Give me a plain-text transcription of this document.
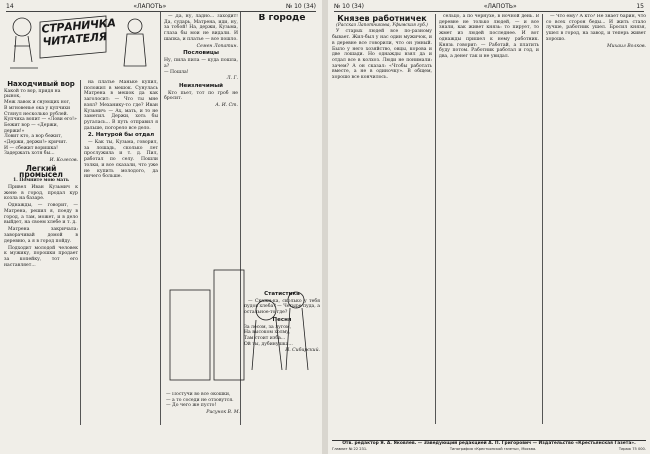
14	«ЛАПОТЬ»	№ 10 (34)
СТРАНИЧКА ЧИТАТЕЛЯ
Находчивый вор
Какой то вор, придя на рынок,
Меж лавок и снующих ног,
В мгновенье ока у купчихи
Стянул несколько рублей.
Купчиха вопит — «Лови его!»
Бежит вор — «Держи, держи!»
Ловит кто, а вор бежит,
«Держи, держи!» кричит.
И — сбежит воришка!
Задержать хотя бы...
И. Колесов.
Легкий промысел
1. Помните мою мать

Привел Иван Кузьмич к жене в город, продал кур козла на базаре.

Однажды, — говорит, — Матрена, решил я, поеду в город, а там, может, и в дело выйдет, на своем хлебе и т. д.

Матрена закричала: заворачивай домой в деревню, а я в город пойду.

Подходит молодой человек к мужику, порошки продает за копейку, тот его наставляет...

на платье Маньке купил, положил в мешок. Сунулась Матрена в мешок да как заголосит: — Что ты мне взял? Механику-то где? Иван Кузьмич: — Ах, мать, и то не заметил. Держи, хоть бы ругалась... В путь отправил я дальше, погорело все дело.

2. Натурой бы отдал

— Как ты, Кузьма, говорил, за лошадь, сколько лет прослужила и т. д. Пил, работал по селу. Пошли толки, и все сказали, что уже не купить молодого, да ничего больше.

— Да, ну, ладно... Заходит! Да, сударь, Матрена, иди, ну, за тобой! На, держи, Кузьма, глаза бы мои не видали. И шапка, и платье — все пошло.

Семен Лопатин.
Пословицы
Ну, пила пила — куда пошла, а?
— Пошла!
Л. Г.
Неизлечимый

Кто пьет, тот по гроб не бросит.

А. И. Ст.
В городе
— Постучи во все окошки,
— а то соседи не отзовутся.
— До чего же пусто!
Рисунок В. М.
Статистика

— Скажи-ка, сколько у тебя пудов хлеба? — Четыре пуда, а остальное-то где?

Песня
За лесом, за лугом,
На высоком холму,
Там стоит изба...
Ой ты, дубинушка...
Н. Сибирский.
№ 10 (34)	«ЛАПОТЬ»	15
Князев работничек
(Рассказ Лапотникова, Уфимская губ.)

У старых людей все по-разному бывает. Жил-был у нас один мужичок, и в деревне все говорили, что он умный. Было у него хозяйство, овцы, корова и две лошади. Но однажды взял да и отдал все в колхоз. Люди не понимали: зачем? А он сказал: «Чтобы работать вместе, а не в одиночку». В общем, хорошо все кончилось.

сельцо, а по чернухе, в ночной день. В деревне не только людей, — и все знали, как живет князь: то пирует, то жмет из людей последнее. И вот однажды пришел к нему работник. Князь говорит: — Работай, а платить буду потом. Работник работал и год, и два, а денег так и не увидал.

— Что ему? А кто? Не знает барин, что со всех сторон беды... И жить стало лучше, работник ушел. Бросил князя, ушел в город, на завод, и теперь живет хорошо.

Михаил Волков.
Отв. редактор Я. А. Яковлев. — Заведующий редакцией А. П. Григорович — Издательство «Крестьянская Газета».
Главлит № 22 231.	Типография «Крестьянской газеты», Москва.	Тираж 75 000.
